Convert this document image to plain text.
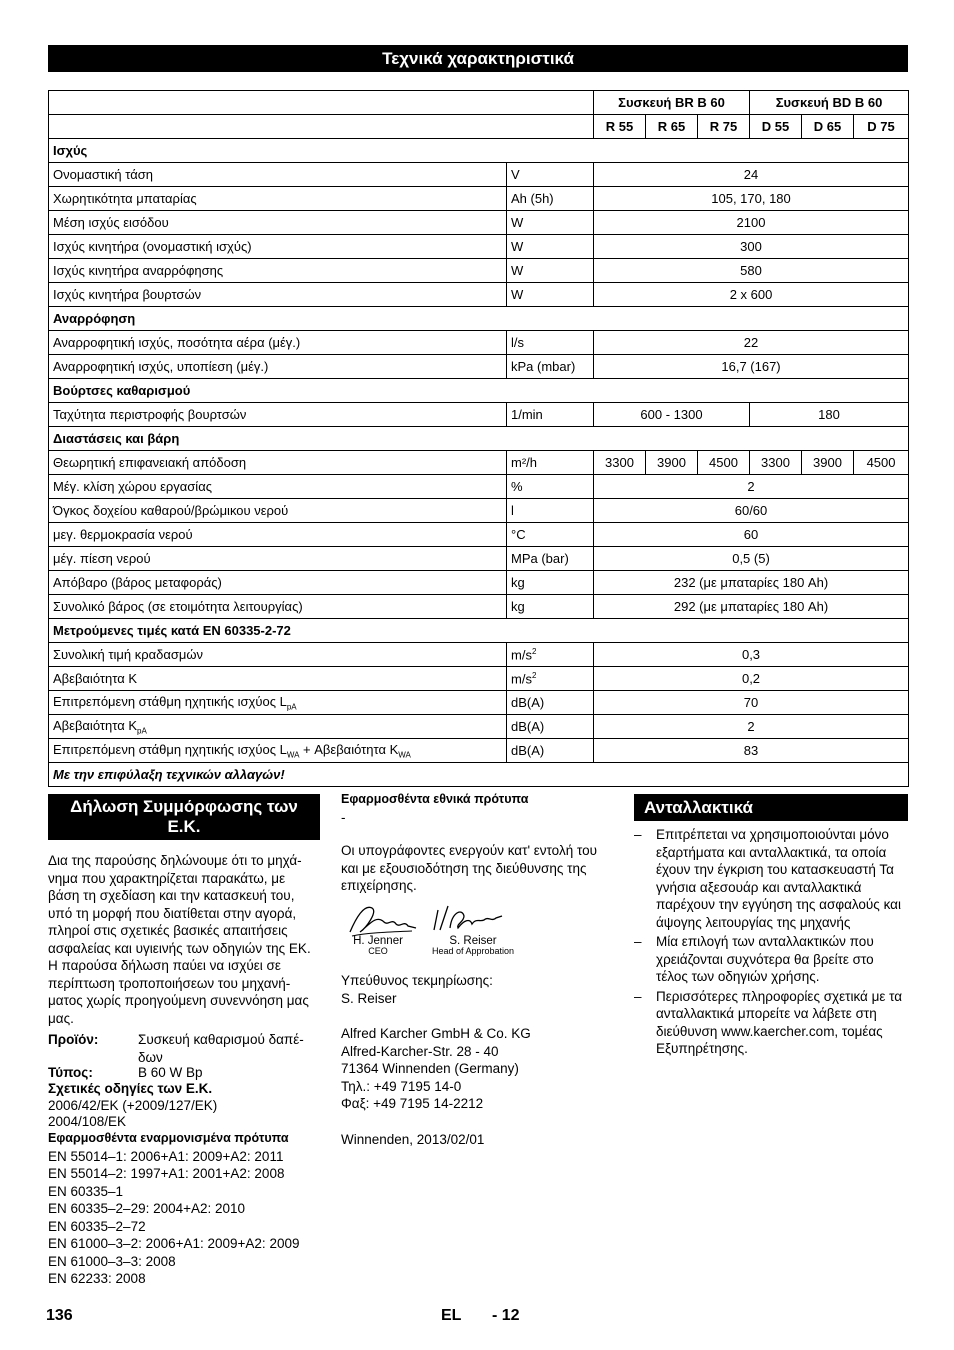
Τεχνικά χαρακτηριστικά
		Συσκευή BR B 60			Συσκευή BD B 60		
		R 55	R 65	R 75	D 55	D 65	D 75
Ισχύς							
Ονομαστική τάση	V	24					
Χωρητικότητα μπαταρίας	Ah (5h)	105, 170, 180					
Μέση ισχύς εισόδου	W	2100					
Ισχύς κινητήρα (ονομαστική ισχύς)	W	300					
Ισχύς κινητήρα αναρρόφησης	W	580					
Ισχύς κινητήρα βουρτσών	W	2 x 600					
Αναρρόφηση							
Αναρροφητική ισχύς, ποσότητα αέρα (μέγ.)	l/s	22					
Αναρροφητική ισχύς, υποπίεση (μέγ.)	kPa (mbar)	16,7 (167)					
Βούρτσες καθαρισμού							
Ταχύτητα περιστροφής βουρτσών	1/min	600 - 1300			180		
Διαστάσεις και βάρη							
Θεωρητική επιφανειακή απόδοση	m²/h	3300	3900	4500	3300	3900	4500
Μέγ. κλίση χώρου εργασίας	%	2					
Όγκος δοχείου καθαρού/βρώμικου νερού	l	60/60					
μεγ. θερμοκρασία νερού	°C	60					
μέγ. πίεση νερού	MPa (bar)	0,5 (5)					
Απόβαρο (βάρος μεταφοράς)	kg	232 (με μπαταρίες 180 Ah)					
Συνολικό βάρος (σε ετοιμότητα λειτουργίας)	kg	292 (με μπαταρίες 180 Ah)					
Μετρούμενες τιμές κατά EN 60335-2-72							
Συνολική τιμή κραδασμών	$m/s^2$	0,3					
Αβεβαιότητα K	$m/s^2$	0,2					
Επιτρεπόμενη στάθμη ηχητικής ισχύος $L_{pA}$	dB(A)	70					
Αβεβαιότητα $K_{pA}$	dB(A)	2					
Επιτρεπόμενη στάθμη ηχητικής ισχύος $L_{WA} + A\beta\varepsilon\beta\alpha\iota ό\tau\eta\tau\alpha$ $K_{WA}$	dB(A)	83					
Με την επιφύλαξη τεχνικών αλλαγών!							
Δήλωση Συμμόρφωσης των Ε.Κ.
Δια της παρούσης δηλώνουμε ότι το μηχά-νημα που χαρακτηρίζεται παρακάτω, με βάση τη σχεδίαση και την κατασκευή του, υπό τη μορφή που διατίθεται στην αγορά, πληροί στις σχετικές βασικές απαιτήσεις ασφαλείας και υγιεινής των οδηγιών της ΕΚ. Η παρούσα δήλωση παύει να ισχύει σε περίπτωση τροποποιήσεων του μηχανή-ματος χωρίς προηγούμενη συνεννόηση μας μας.
Προϊόν:	Συσκευή καθαρισμού δαπέ-δων
Τύπος:	B 60 W Bp
Σχετικές οδηγίες των Ε.Κ.
2006/42/EK (+2009/127/EK)
2004/108/EK
Εφαρμοσθέντα εναρμονισμένα πρότυπα
EN 55014–1: 2006+A1: 2009+A2: 2011
EN 55014–2: 1997+A1: 2001+A2: 2008
EN 60335–1
EN 60335–2–29: 2004+A2: 2010
EN 60335–2–72
EN 61000–3–2: 2006+A1: 2009+A2: 2009
EN 61000–3–3: 2008
EN 62233: 2008
Εφαρμοσθέντα εθνικά πρότυπα
-
Οι υπογράφοντες ενεργούν κατ' εντολή του και με εξουσιοδότηση της διεύθυνσης της επιχείρησης.
H. Jenner
CEO
S. Reiser
Head of Approbation
Υπεύθυνος τεκμηρίωσης:
S. Reiser
Alfred Karcher GmbH & Co. KG
Alfred-Karcher-Str. 28 - 40
71364 Winnenden (Germany)
Τηλ.: +49 7195 14-0
Φαξ: +49 7195 14-2212
Winnenden, 2013/02/01
Ανταλλακτικά
– Επιτρέπεται να χρησιμοποιούνται μόνο εξαρτήματα και ανταλλακτικά, τα οποία έχουν την έγκριση του κατασκευαστή Τα γνήσια αξεσουάρ και ανταλλακτικά παρέχουν την εγγύηση της ασφαλούς και άψογης λειτουργίας της μηχανής
– Μία επιλογή των ανταλλακτικών που χρειάζονται συχνότερα θα βρείτε στο τέλος των οδηγιών χρήσης.
– Περισσότερες πληροφορίες σχετικά με τα ανταλλακτικά μπορείτε να λάβετε στη διεύθυνση www.kaercher.com, τομέας Εξυπηρέτησης.
136	EL - 12
